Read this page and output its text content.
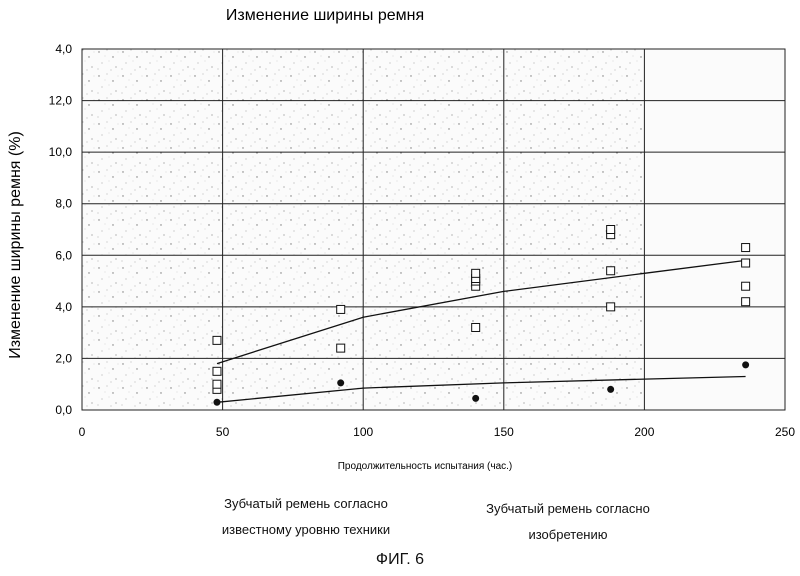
Изменение ширины ремня
0,0
2,0
4,0
6,0
8,0
10,0
12,0
4,0
0	50	100	150	200	250
Изменение ширины ремня (%)
Продолжительность испытания (час.)
Зубчатый ремень согласно
известному уровню техники
Зубчатый ремень согласно
изобретению
ФИГ. 6
